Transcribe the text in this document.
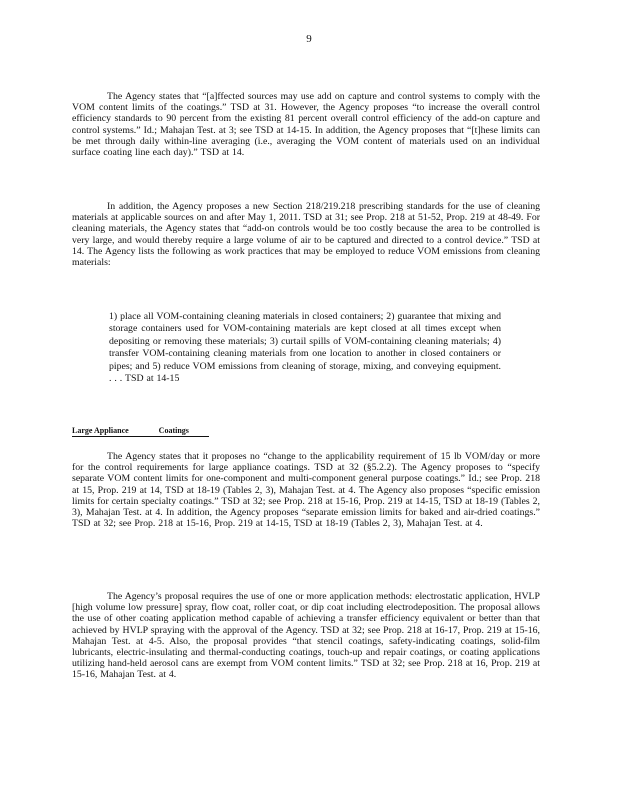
9

The Agency states that “[a]ffected sources may use add on capture and control systems to comply with the VOM content limits of the coatings.” TSD at 31. However, the Agency proposes “to increase the overall control efficiency standards to 90 percent from the existing 81 percent overall control efficiency of the add-on capture and control systems.” Id.; Mahajan Test. at 3; see TSD at 14-15. In addition, the Agency proposes that “[t]hese limits can be met through daily within-line averaging (i.e., averaging the VOM content of materials used on an individual surface coating line each day).” TSD at 14.

In addition, the Agency proposes a new Section 218/219.218 prescribing standards for the use of cleaning materials at applicable sources on and after May 1, 2011. TSD at 31; see Prop. 218 at 51-52, Prop. 219 at 48-49. For cleaning materials, the Agency states that “add-on controls would be too costly because the area to be controlled is very large, and would thereby require a large volume of air to be captured and directed to a control device.” TSD at 14. The Agency lists the following as work practices that may be employed to reduce VOM emissions from cleaning materials:

1) place all VOM-containing cleaning materials in closed containers; 2) guarantee that mixing and storage containers used for VOM-containing materials are kept closed at all times except when depositing or removing these materials; 3) curtail spills of VOM-containing cleaning materials; 4) transfer VOM-containing cleaning materials from one location to another in closed containers or pipes; and 5) reduce VOM emissions from cleaning of storage, mixing, and conveying equipment. . . . TSD at 14-15

Large Appliance	Coatings

The Agency states that it proposes no “change to the applicability requirement of 15 lb VOM/day or more for the control requirements for large appliance coatings. TSD at 32 (§5.2.2). The Agency proposes to “specify separate VOM content limits for one-component and multi-component general purpose coatings.” Id.; see Prop. 218 at 15, Prop. 219 at 14, TSD at 18-19 (Tables 2, 3), Mahajan Test. at 4. The Agency also proposes “specific emission limits for certain specialty coatings.” TSD at 32; see Prop. 218 at 15-16, Prop. 219 at 14-15, TSD at 18-19 (Tables 2, 3), Mahajan Test. at 4. In addition, the Agency proposes “separate emission limits for baked and air-dried coatings.” TSD at 32; see Prop. 218 at 15-16, Prop. 219 at 14-15, TSD at 18-19 (Tables 2, 3), Mahajan Test. at 4.

The Agency’s proposal requires the use of one or more application methods: electrostatic application, HVLP [high volume low pressure] spray, flow coat, roller coat, or dip coat including electrodeposition. The proposal allows the use of other coating application method capable of achieving a transfer efficiency equivalent or better than that achieved by HVLP spraying with the approval of the Agency. TSD at 32; see Prop. 218 at 16-17, Prop. 219 at 15-16, Mahajan Test. at 4-5. Also, the proposal provides “that stencil coatings, safety-indicating coatings, solid-film lubricants, electric-insulating and thermal-conducting coatings, touch-up and repair coatings, or coating applications utilizing hand-held aerosol cans are exempt from VOM content limits.” TSD at 32; see Prop. 218 at 16, Prop. 219 at 15-16, Mahajan Test. at 4.
